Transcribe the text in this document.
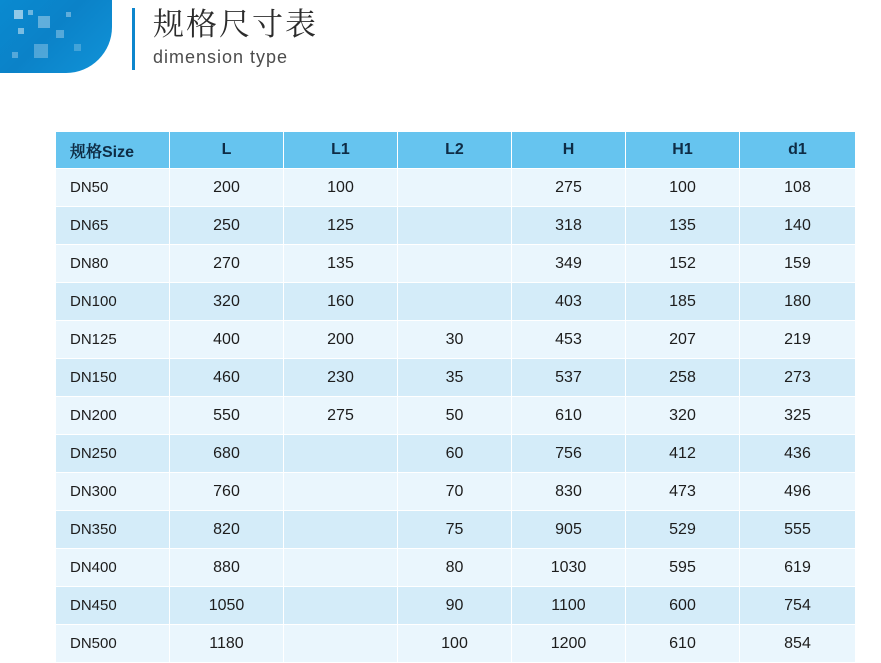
规格尺寸表
dimension type
规格Size	L	L1	L2	H	H1	d1
DN50	200	100		275	100	108
DN65	250	125		318	135	140
DN80	270	135		349	152	159
DN100	320	160		403	185	180
DN125	400	200	30	453	207	219
DN150	460	230	35	537	258	273
DN200	550	275	50	610	320	325
DN250	680		60	756	412	436
DN300	760		70	830	473	496
DN350	820		75	905	529	555
DN400	880		80	1030	595	619
DN450	1050		90	1100	600	754
DN500	1180		100	1200	610	854
